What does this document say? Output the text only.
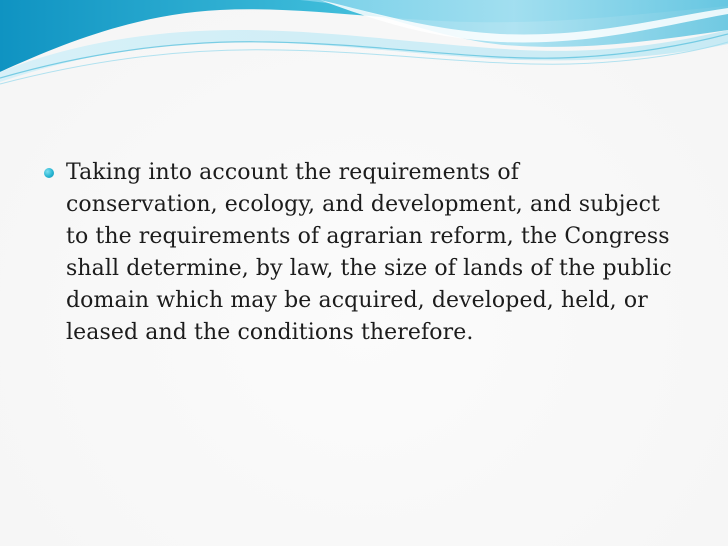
Taking into account the requirements of
conservation, ecology, and development, and subject
to the requirements of agrarian reform, the Congress
shall determine, by law, the size of lands of the public
domain which may be acquired, developed, held, or
leased and the conditions therefore.
